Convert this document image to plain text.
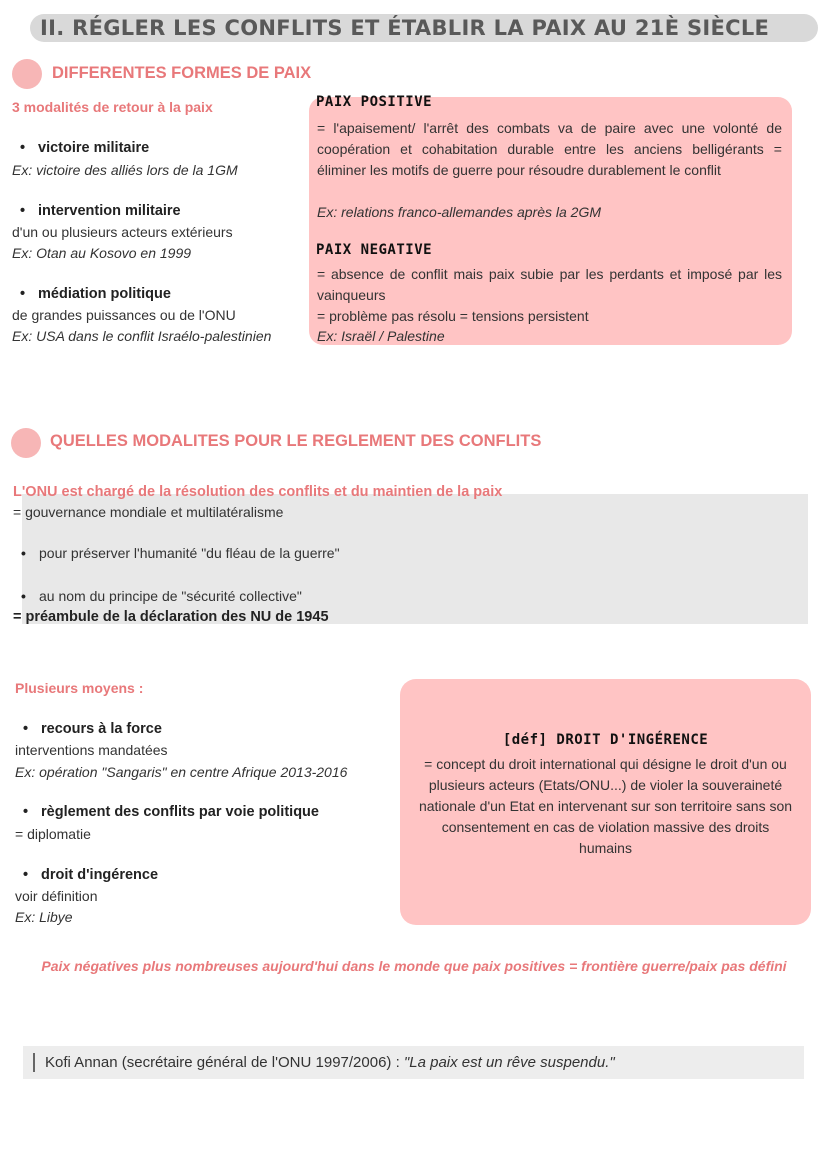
II. RÉGLER LES CONFLITS ET ÉTABLIR LA PAIX AU 21È SIÈCLE
DIFFERENTES FORMES DE PAIX
3 modalités de retour à la paix
• victoire militaire
Ex: victoire des alliés lors de la 1GM
• intervention militaire
d'un ou plusieurs acteurs extérieurs
Ex: Otan au Kosovo en 1999
• médiation politique
de grandes puissances ou de l'ONU
Ex: USA dans le conflit Israélo-palestinien
PAIX POSITIVE
= l'apaisement/ l'arrêt des combats va de paire avec une volonté de coopération et cohabitation durable entre les anciens belligérants = éliminer les motifs de guerre pour résoudre durablement le conflit
Ex: relations franco-allemandes après la 2GM
PAIX NEGATIVE
= absence de conflit mais paix subie par les perdants et imposé par les vainqueurs
= problème pas résolu = tensions persistent
Ex: Israël / Palestine
QUELLES MODALITES POUR LE REGLEMENT DES CONFLITS
L'ONU est chargé de la résolution des conflits et du maintien de la paix
= gouvernance mondiale et multilatéralisme
• pour préserver l'humanité "du fléau de la guerre"
• au nom du principe de "sécurité collective"
= préambule de la déclaration des NU de 1945
Plusieurs moyens :
• recours à la force
interventions mandatées
Ex: opération "Sangaris" en centre Afrique 2013-2016
• règlement des conflits par voie politique
= diplomatie
• droit d'ingérence
voir définition
Ex: Libye
[déf] DROIT D'INGÉRENCE
= concept du droit international qui désigne le droit d'un ou plusieurs acteurs (Etats/ONU...) de violer la souveraineté nationale d'un Etat en intervenant sur son territoire sans son consentement en cas de violation massive des droits humains
Paix négatives plus nombreuses aujourd'hui dans le monde que paix positives = frontière guerre/paix pas défini
Kofi Annan (secrétaire général de l'ONU 1997/2006) : "La paix est un rêve suspendu."
